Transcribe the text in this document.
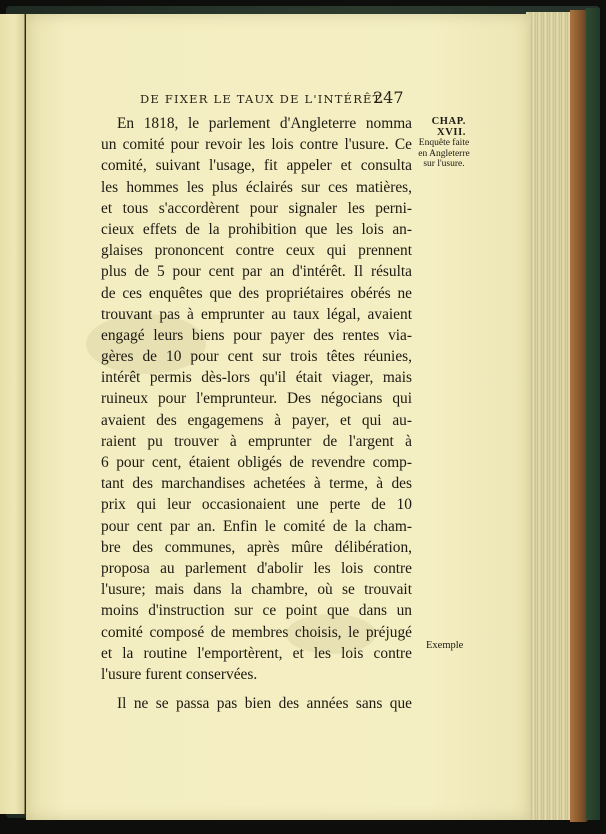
DE FIXER LE TAUX DE L'INTÉRÊT.
247
CHAP. XVII.
Enquête faite
en Angleterre
sur l'usure.
En 1818, le parlement d'Angleterre nomma
un comité pour revoir les lois contre l'usure. Ce
comité, suivant l'usage, fit appeler et consulta
les hommes les plus éclairés sur ces matières,
et tous s'accordèrent pour signaler les perni-
cieux effets de la prohibition que les lois an-
glaises prononcent contre ceux qui prennent
plus de 5 pour cent par an d'intérêt. Il résulta
de ces enquêtes que des propriétaires obérés ne
trouvant pas à emprunter au taux légal, avaient
engagé leurs biens pour payer des rentes via-
gères de 10 pour cent sur trois têtes réunies,
intérêt permis dès-lors qu'il était viager, mais
ruineux pour l'emprunteur. Des négocians qui
avaient des engagemens à payer, et qui au-
raient pu trouver à emprunter de l'argent à
6 pour cent, étaient obligés de revendre comp-
tant des marchandises achetées à terme, à des
prix qui leur occasionaient une perte de 10
pour cent par an. Enfin le comité de la cham-
bre des communes, après mûre délibération,
proposa au parlement d'abolir les lois contre
l'usure; mais dans la chambre, où se trouvait
moins d'instruction sur ce point que dans un
comité composé de membres choisis, le préjugé
et la routine l'emportèrent, et les lois contre
l'usure furent conservées.
Il ne se passa pas bien des années sans que
Exemple
